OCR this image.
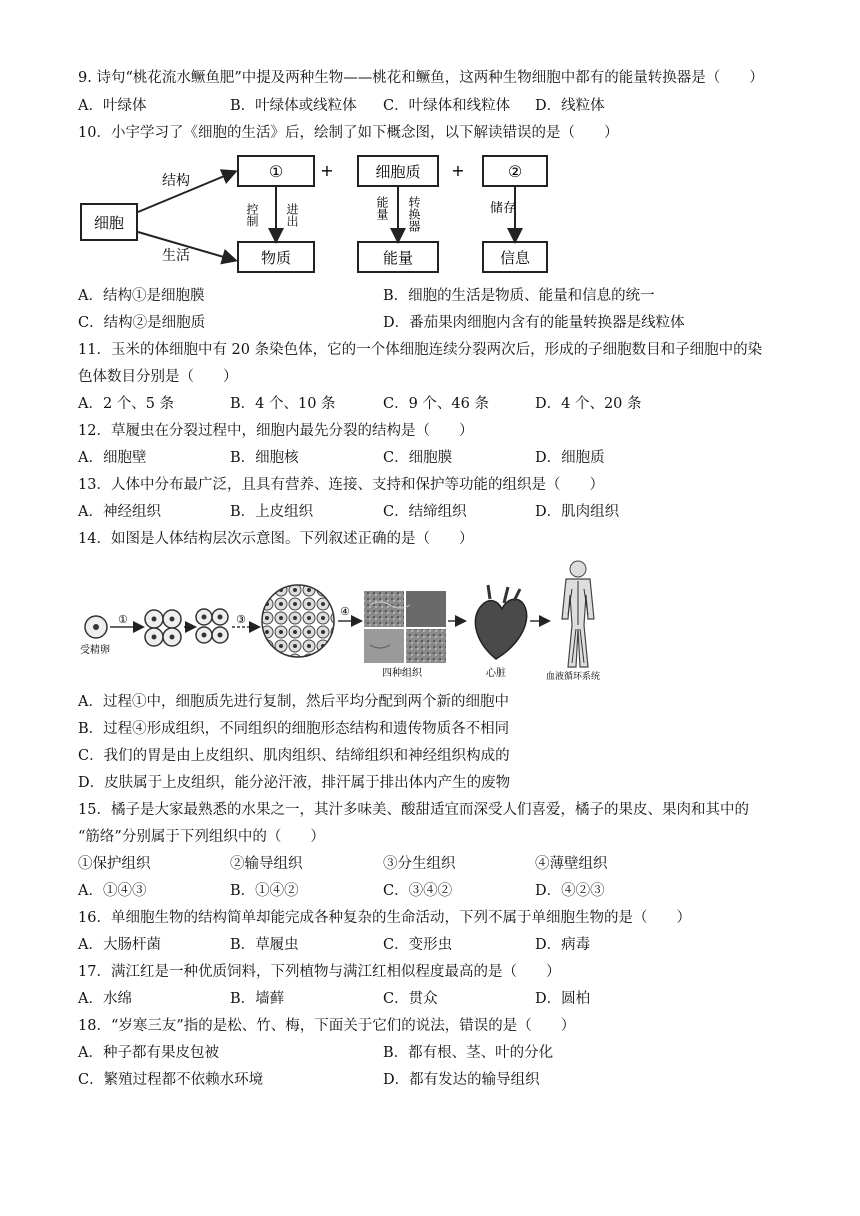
9. 诗句“桃花流水鳜鱼肥”中提及两种生物——桃花和鳜鱼，这两种生物细胞中都有的能量转换器是（　　）
A．叶绿体	B．叶绿体或线粒体 C．叶绿体和线粒体 D．线粒体
10．小宇学习了《细胞的生活》后，绘制了如下概念图，以下解读错误的是（　　）
细胞
结构
生活
① +	细胞质 +	②
控制 进出	能量 转换器	储存
物质	能量	信息
A．结构①是细胞膜	B．细胞的生活是物质、能量和信息的统一
C．结构②是细胞质	D．番茄果肉细胞内含有的能量转换器是线粒体
11．玉米的体细胞中有 20 条染色体，它的一个体细胞连续分裂两次后，形成的子细胞数目和子细胞中的染
色体数目分别是（　　）
A．2 个、5 条	B．4 个、10 条	C．9 个、46 条	D．4 个、20 条
12．草履虫在分裂过程中，细胞内最先分裂的结构是（　　）
A．细胞壁	B．细胞核	C．细胞膜	D．细胞质
13．人体中分布最广泛，且具有营养、连接、支持和保护等功能的组织是（　　）
A．神经组织	B．上皮组织	C．结缔组织	D．肌肉组织
14．如图是人体结构层次示意图。下列叙述正确的是（　　）
受精卵
①	③
④
四种组织	心脏	血液循环系统
A．过程①中，细胞质先进行复制，然后平均分配到两个新的细胞中
B．过程④形成组织，不同组织的细胞形态结构和遗传物质各不相同
C．我们的胃是由上皮组织、肌肉组织、结缔组织和神经组织构成的
D．皮肤属于上皮组织，能分泌汗液，排汗属于排出体内产生的废物
15．橘子是大家最熟悉的水果之一，其汁多味美、酸甜适宜而深受人们喜爱，橘子的果皮、果肉和其中的
“筋络”分别属于下列组织中的（　　）
①保护组织	②输导组织	③分生组织	④薄壁组织
A．①④③	B．①④②	C．③④②	D．④②③
16．单细胞生物的结构简单却能完成各种复杂的生命活动，下列不属于单细胞生物的是（　　）
A．大肠杆菌	B．草履虫	C．变形虫	D．病毒
17．满江红是一种优质饲料，下列植物与满江红相似程度最高的是（　　）
A．水绵	B．墙藓	C．贯众	D．圆柏
18．“岁寒三友”指的是松、竹、梅，下面关于它们的说法，错误的是（　　）
A．种子都有果皮包被	B．都有根、茎、叶的分化
C．繁殖过程都不依赖水环境	D．都有发达的输导组织
